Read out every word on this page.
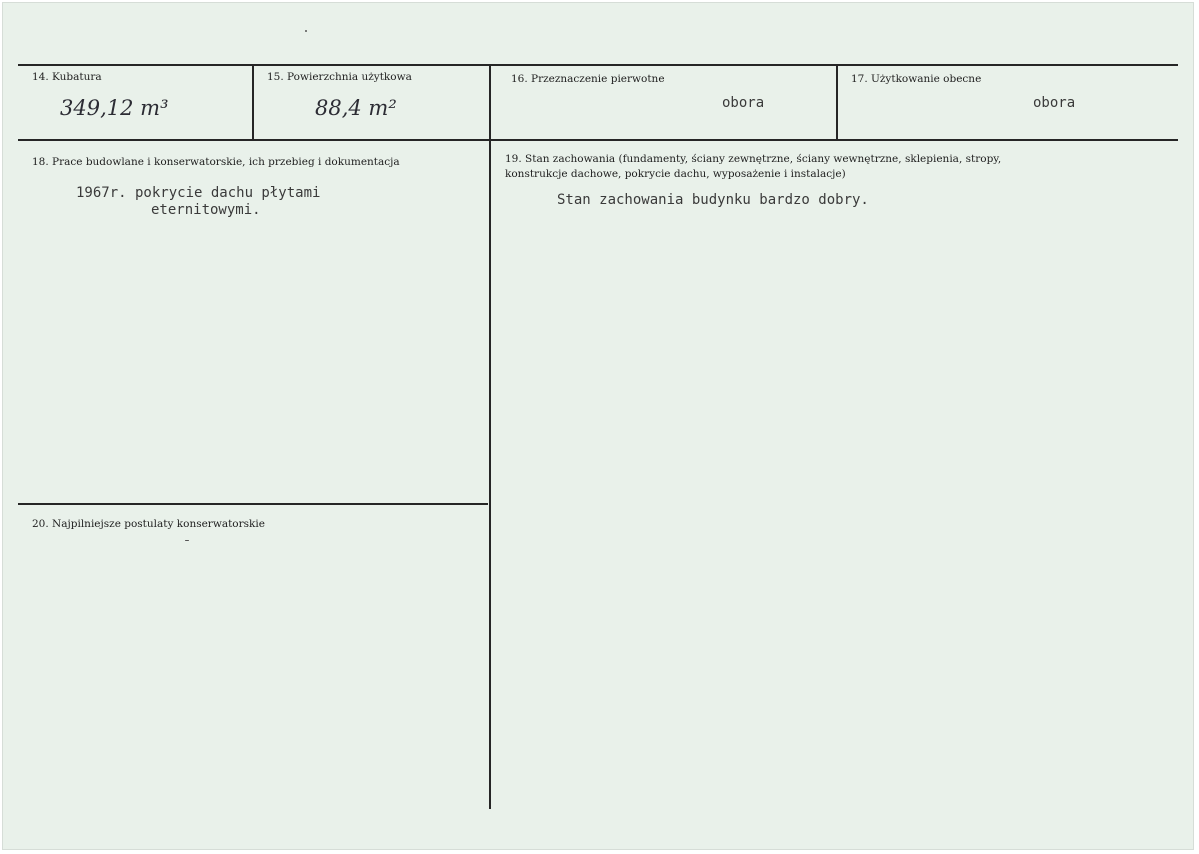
14. Kubatura
349,12 m³
15. Powierzchnia użytkowa
88,4 m²
16. Przeznaczenie pierwotne
obora
17. Użytkowanie obecne
obora
18. Prace budowlane i konserwatorskie, ich przebieg i dokumentacja
1967r. pokrycie dachu płytami
eternitowymi.
19. Stan zachowania (fundamenty, ściany zewnętrzne, ściany wewnętrzne, sklepienia, stropy,
konstrukcje dachowe, pokrycie dachu, wyposażenie i instalacje)
Stan zachowania budynku bardzo dobry.
20. Najpilniejsze postulaty konserwatorskie
